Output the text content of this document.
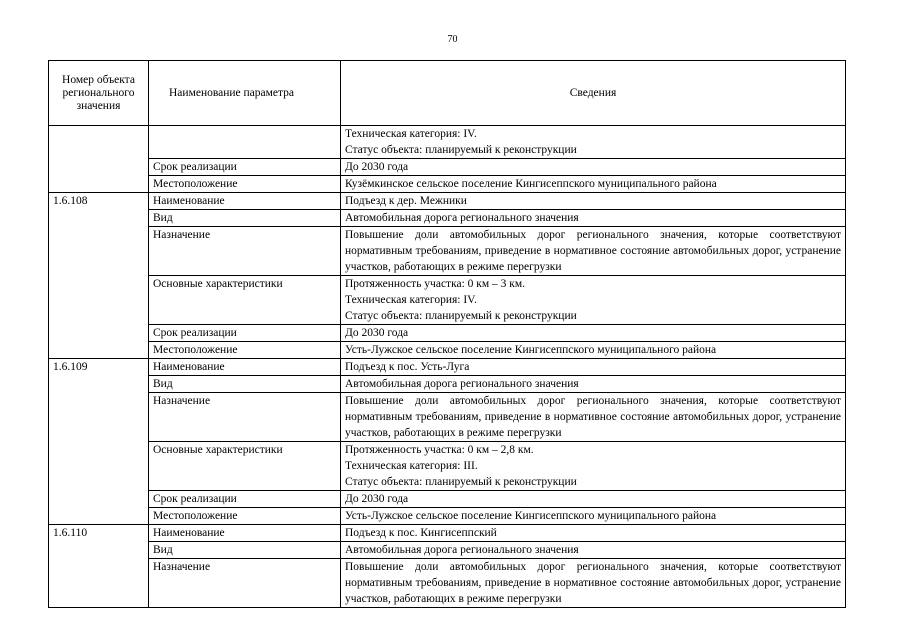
70
Номер объекта регионального значения	Наименование параметра	Сведения

		Техническая категория: IV.
Статус объекта: планируемый к реконструкции

	Срок реализации	До 2030 года
	Местоположение	Кузёмкинское сельское поселение Кингисеппского муниципального района
1.6.108	Наименование	Подъезд к дер. Межники
	Вид	Автомобильная дорога регионального значения
	Назначение	Повышение доли автомобильных дорог регионального значения, которые соответствуют нормативным требованиям, приведение в нормативное состояние автомобильных дорог, устранение участков, работающих в режиме перегрузки
	Основные характеристики	Протяженность участка: 0 км – 3 км.
Техническая категория: IV.
Статус объекта: планируемый к реконструкции

	Срок реализации	До 2030 года
	Местоположение	Усть-Лужское сельское поселение Кингисеппского муниципального района
1.6.109	Наименование	Подъезд к пос. Усть-Луга
	Вид	Автомобильная дорога регионального значения
	Назначение	Повышение доли автомобильных дорог регионального значения, которые соответствуют нормативным требованиям, приведение в нормативное состояние автомобильных дорог, устранение участков, работающих в режиме перегрузки
	Основные характеристики	Протяженность участка: 0 км – 2,8 км.
Техническая категория: III.
Статус объекта: планируемый к реконструкции

	Срок реализации	До 2030 года
	Местоположение	Усть-Лужское сельское поселение Кингисеппского муниципального района
1.6.110	Наименование	Подъезд к пос. Кингисеппский
	Вид	Автомобильная дорога регионального значения
	Назначение	Повышение доли автомобильных дорог регионального значения, которые соответствуют нормативным требованиям, приведение в нормативное состояние автомобильных дорог, устранение участков, работающих в режиме перегрузки
